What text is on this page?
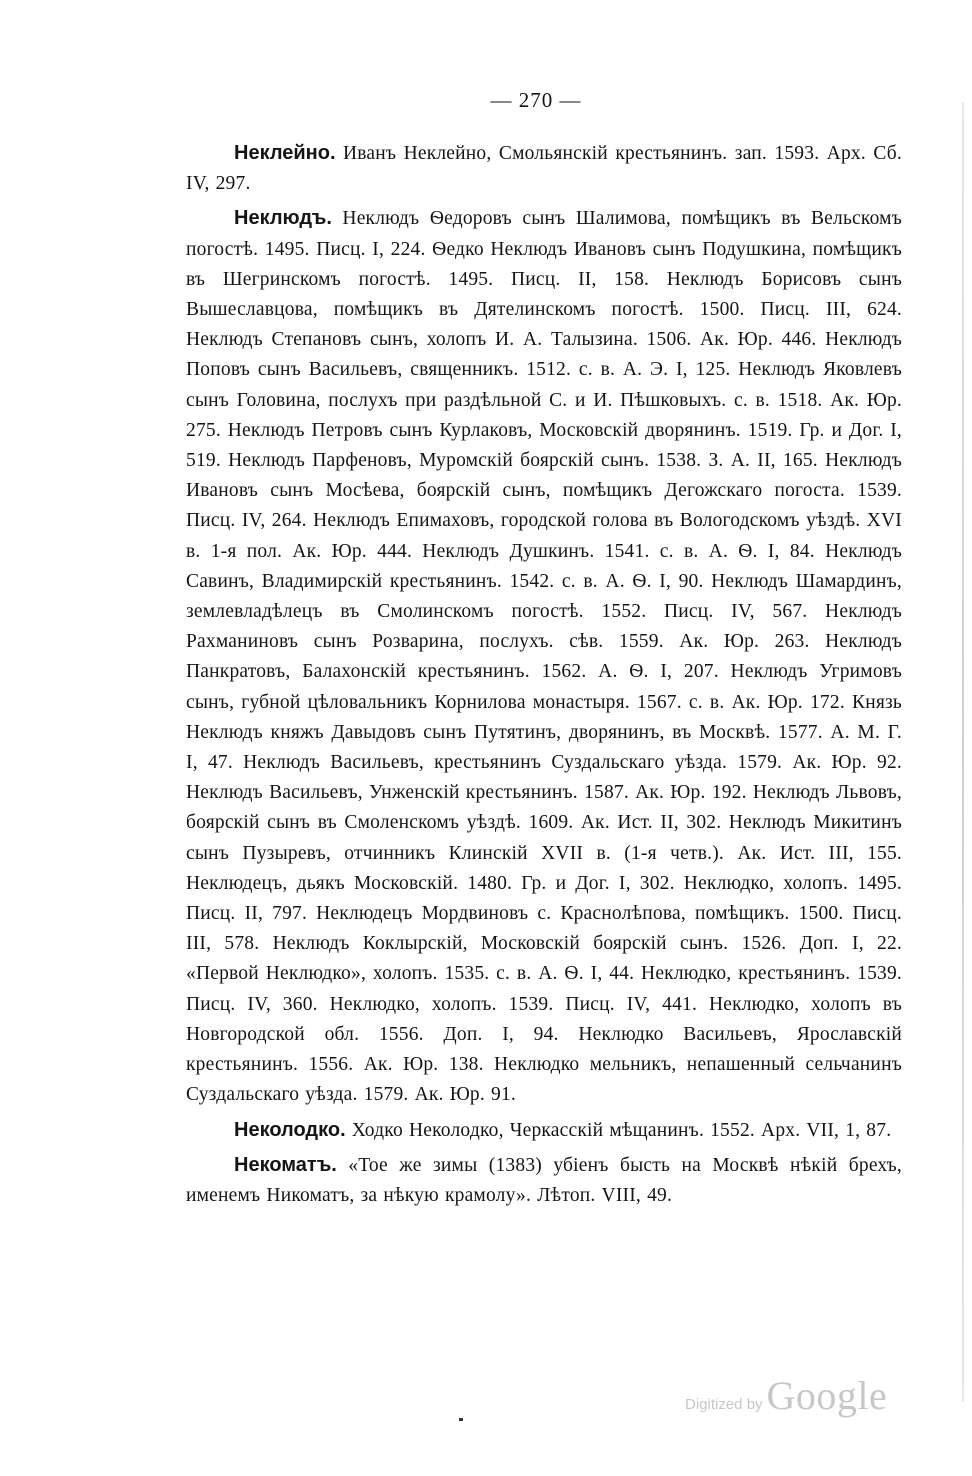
— 270 —

Неклейно. Иванъ Неклейно, Смольянскій крестьянинъ. зап. 1593. Арх. Сб. IV, 297.

Неклюдъ. Неклюдъ Ѳедоровъ сынъ Шалимова, помѣщикъ въ Вельскомъ погостѣ. 1495. Писц. I, 224. Ѳедко Неклюдъ Ивановъ сынъ Подушкина, помѣщикъ въ Шегринскомъ погостѣ. 1495. Писц. II, 158. Неклюдъ Борисовъ сынъ Вышеславцова, помѣщикъ въ Дятелинскомъ погостѣ. 1500. Писц. III, 624. Неклюдъ Степановъ сынъ, холопъ И. А. Талызина. 1506. Ак. Юр. 446. Неклюдъ Поповъ сынъ Васильевъ, священникъ. 1512. с. в. А. Э. I, 125. Неклюдъ Яковлевъ сынъ Головина, послухъ при раздѣльной С. и И. Пѣшковыхъ. с. в. 1518. Ак. Юр. 275. Неклюдъ Петровъ сынъ Курлаковъ, Московскій дворянинъ. 1519. Гр. и Дог. I, 519. Неклюдъ Парфеновъ, Муромскій боярскій сынъ. 1538. З. А. II, 165. Неклюдъ Ивановъ сынъ Мосѣева, боярскій сынъ, помѣщикъ Дегожскаго погоста. 1539. Писц. IV, 264. Неклюдъ Епимаховъ, городской голова въ Вологодскомъ уѣздѣ. XVI в. 1-я пол. Ак. Юр. 444. Неклюдъ Душкинъ. 1541. с. в. А. Ѳ. I, 84. Неклюдъ Савинъ, Владимирскій крестьянинъ. 1542. с. в. А. Ѳ. I, 90. Неклюдъ Шамардинъ, землевладѣлецъ въ Смолинскомъ погостѣ. 1552. Писц. IV, 567. Неклюдъ Рахманиновъ сынъ Розварина, послухъ. сѣв. 1559. Ак. Юр. 263. Неклюдъ Панкратовъ, Балахонскій крестьянинъ. 1562. А. Ѳ. I, 207. Неклюдъ Угримовъ сынъ, губной цѣловальникъ Корнилова монастыря. 1567. с. в. Ак. Юр. 172. Князь Неклюдъ княжъ Давыдовъ сынъ Путятинъ, дворянинъ, въ Москвѣ. 1577. А. М. Г. I, 47. Неклюдъ Васильевъ, крестьянинъ Суздальскаго уѣзда. 1579. Ак. Юр. 92. Неклюдъ Васильевъ, Унженскій крестьянинъ. 1587. Ак. Юр. 192. Неклюдъ Львовъ, боярскій сынъ въ Смоленскомъ уѣздѣ. 1609. Ак. Ист. II, 302. Неклюдъ Микитинъ сынъ Пузыревъ, отчинникъ Клинскій XVII в. (1-я четв.). Ак. Ист. III, 155. Неклюдецъ, дьякъ Московскій. 1480. Гр. и Дог. I, 302. Неклюдко, холопъ. 1495. Писц. II, 797. Неклюдецъ Мордвиновъ с. Краснолѣпова, помѣщикъ. 1500. Писц. III, 578. Неклюдъ Коклырскій, Московскій боярскій сынъ. 1526. Доп. I, 22. «Первой Неклюдко», холопъ. 1535. с. в. А. Ѳ. I, 44. Неклюдко, крестьянинъ. 1539. Писц. IV, 360. Неклюдко, холопъ. 1539. Писц. IV, 441. Неклюдко, холопъ въ Новгородской обл. 1556. Доп. I, 94. Неклюдко Васильевъ, Ярославскій крестьянинъ. 1556. Ак. Юр. 138. Неклюдко мельникъ, непашенный сельчанинъ Суздальскаго уѣзда. 1579. Ак. Юр. 91.

Неколодко. Ходко Неколодко, Черкасскій мѣщанинъ. 1552. Арх. VII, 1, 87.

Некоматъ. «Тое же зимы (1383) убіенъ бысть на Москвѣ нѣкій брехъ, именемъ Никоматъ, за нѣкую крамолу». Лѣтоп. VIII, 49.

Digitized by Google
